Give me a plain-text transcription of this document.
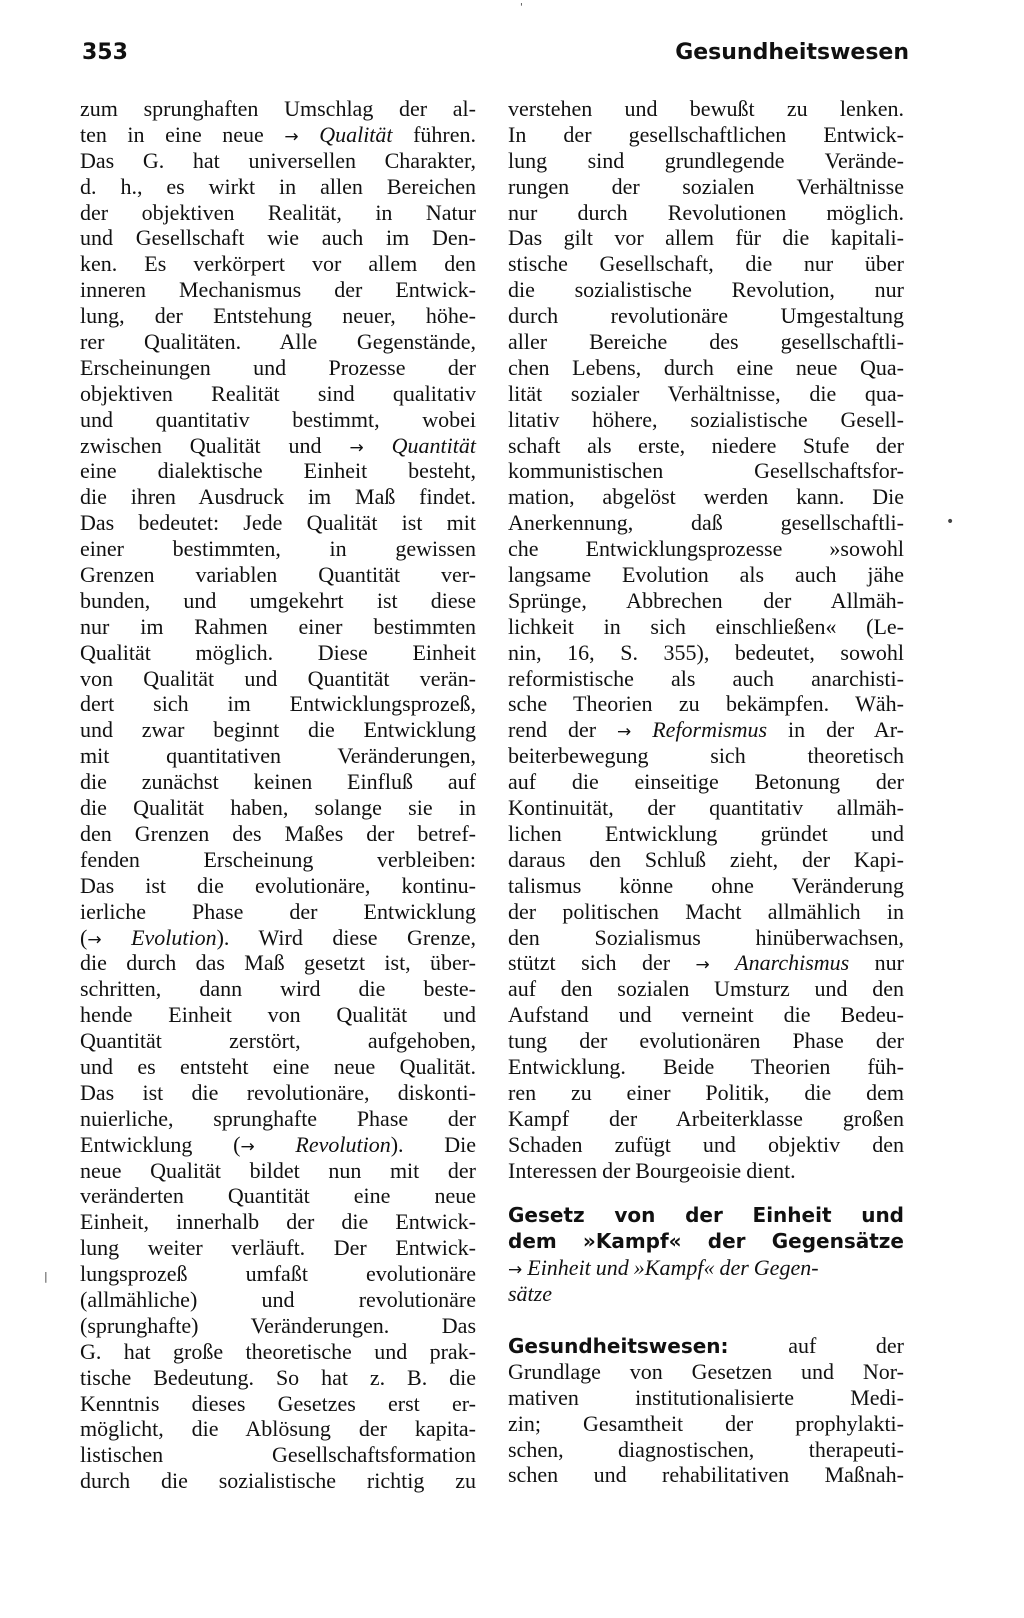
353	Gesundheitswesen
zum sprunghaften Umschlag der al-
ten in eine neue → Qualität führen.
Das G. hat universellen Charakter,
d. h., es wirkt in allen Bereichen
der objektiven Realität, in Natur
und Gesellschaft wie auch im Den-
ken. Es verkörpert vor allem den
inneren Mechanismus der Entwick-
lung, der Entstehung neuer, höhe-
rer Qualitäten. Alle Gegenstände,
Erscheinungen und Prozesse der
objektiven Realität sind qualitativ
und quantitativ bestimmt, wobei
zwischen Qualität und → Quantität
eine dialektische Einheit besteht,
die ihren Ausdruck im Maß findet.
Das bedeutet: Jede Qualität ist mit
einer bestimmten, in gewissen
Grenzen variablen Quantität ver-
bunden, und umgekehrt ist diese
nur im Rahmen einer bestimmten
Qualität möglich. Diese Einheit
von Qualität und Quantität verän-
dert sich im Entwicklungsprozeß,
und zwar beginnt die Entwicklung
mit quantitativen Veränderungen,
die zunächst keinen Einfluß auf
die Qualität haben, solange sie in
den Grenzen des Maßes der betref-
fenden Erscheinung verbleiben:
Das ist die evolutionäre, kontinu-
ierliche Phase der Entwicklung
(→ Evolution). Wird diese Grenze,
die durch das Maß gesetzt ist, über-
schritten, dann wird die beste-
hende Einheit von Qualität und
Quantität zerstört, aufgehoben,
und es entsteht eine neue Qualität.
Das ist die revolutionäre, diskonti-
nuierliche, sprunghafte Phase der
Entwicklung (→ Revolution). Die
neue Qualität bildet nun mit der
veränderten Quantität eine neue
Einheit, innerhalb der die Entwick-
lung weiter verläuft. Der Entwick-
lungsprozeß umfaßt evolutionäre
(allmähliche) und revolutionäre
(sprunghafte) Veränderungen. Das
G. hat große theoretische und prak-
tische Bedeutung. So hat z. B. die
Kenntnis dieses Gesetzes erst er-
möglicht, die Ablösung der kapita-
listischen Gesellschaftsformation
durch die sozialistische richtig zu
verstehen und bewußt zu lenken.
In der gesellschaftlichen Entwick-
lung sind grundlegende Verände-
rungen der sozialen Verhältnisse
nur durch Revolutionen möglich.
Das gilt vor allem für die kapitali-
stische Gesellschaft, die nur über
die sozialistische Revolution, nur
durch revolutionäre Umgestaltung
aller Bereiche des gesellschaftli-
chen Lebens, durch eine neue Qua-
lität sozialer Verhältnisse, die qua-
litativ höhere, sozialistische Gesell-
schaft als erste, niedere Stufe der
kommunistischen Gesellschaftsfor-
mation, abgelöst werden kann. Die
Anerkennung, daß gesellschaftli-
che Entwicklungsprozesse »sowohl
langsame Evolution als auch jähe
Sprünge, Abbrechen der Allmäh-
lichkeit in sich einschließen« (Le-
nin, 16, S. 355), bedeutet, sowohl
reformistische als auch anarchisti-
sche Theorien zu bekämpfen. Wäh-
rend der → Reformismus in der Ar-
beiterbewegung sich theoretisch
auf die einseitige Betonung der
Kontinuität, der quantitativ allmäh-
lichen Entwicklung gründet und
daraus den Schluß zieht, der Kapi-
talismus könne ohne Veränderung
der politischen Macht allmählich in
den Sozialismus hinüberwachsen,
stützt sich der → Anarchismus nur
auf den sozialen Umsturz und den
Aufstand und verneint die Bedeu-
tung der evolutionären Phase der
Entwicklung. Beide Theorien füh-
ren zu einer Politik, die dem
Kampf der Arbeiterklasse großen
Schaden zufügt und objektiv den
Interessen der Bourgeoisie dient.
Gesetz von der Einheit und
dem »Kampf« der Gegensätze
→ Einheit und »Kampf« der Gegen-
sätze
Gesundheitswesen:	auf der
Grundlage von Gesetzen und Nor-
mativen institutionalisierte Medi-
zin; Gesamtheit der prophylakti-
schen, diagnostischen, therapeuti-
schen und rehabilitativen Maßnah-
'
•
|
